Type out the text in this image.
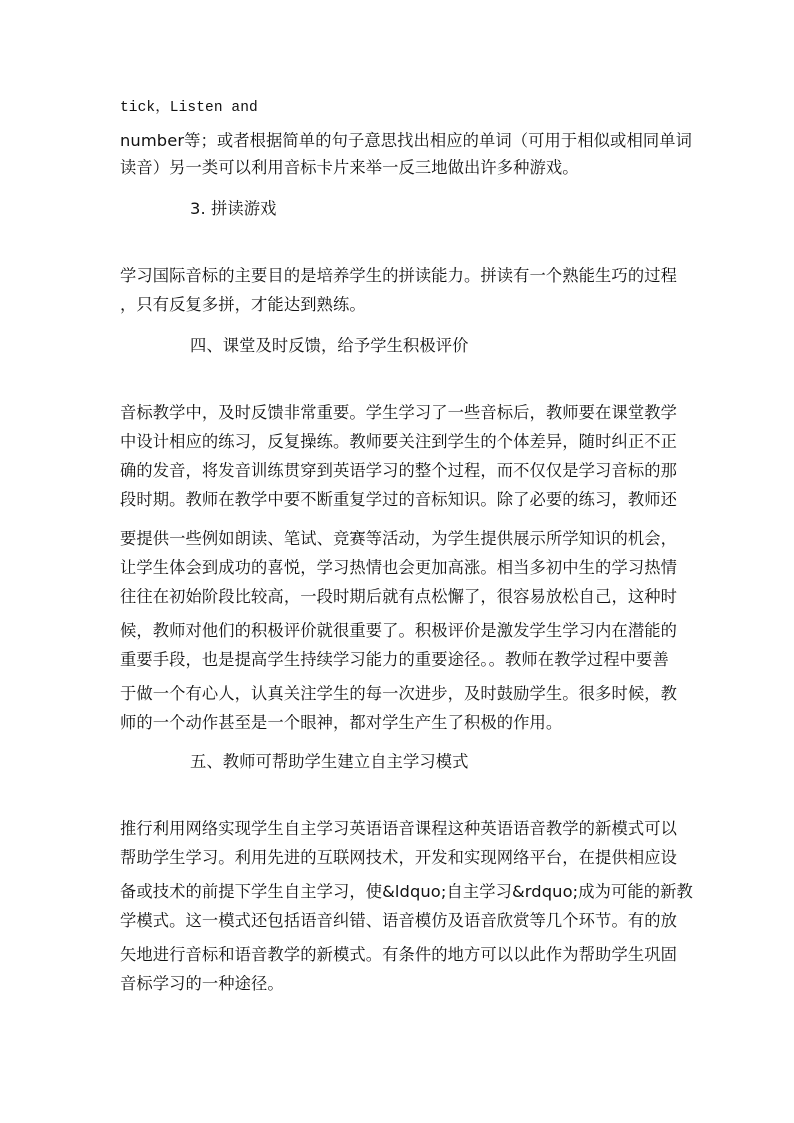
tick，Listen and
number等；或者根据简单的句子意思找出相应的单词（可用于相似或相同单词
读音）另一类可以利用音标卡片来举一反三地做出许多种游戏。
3. 拼读游戏
学习国际音标的主要目的是培养学生的拼读能力。拼读有一个熟能生巧的过程
，只有反复多拼，才能达到熟练。
四、课堂及时反馈，给予学生积极评价
音标教学中，及时反馈非常重要。学生学习了一些音标后，教师要在课堂教学
中设计相应的练习，反复操练。教师要关注到学生的个体差异，随时纠正不正
确的发音，将发音训练贯穿到英语学习的整个过程，而不仅仅是学习音标的那
段时期。教师在教学中要不断重复学过的音标知识。除了必要的练习，教师还
要提供一些例如朗读、笔试、竞赛等活动，为学生提供展示所学知识的机会，
让学生体会到成功的喜悦，学习热情也会更加高涨。相当多初中生的学习热情
往往在初始阶段比较高，一段时期后就有点松懈了，很容易放松自己，这种时
候，教师对他们的积极评价就很重要了。积极评价是激发学生学习内在潜能的
重要手段，也是提高学生持续学习能力的重要途径。。教师在教学过程中要善
于做一个有心人，认真关注学生的每一次进步，及时鼓励学生。很多时候，教
师的一个动作甚至是一个眼神，都对学生产生了积极的作用。
五、教师可帮助学生建立自主学习模式
推行利用网络实现学生自主学习英语语音课程这种英语语音教学的新模式可以
帮助学生学习。利用先进的互联网技术，开发和实现网络平台，在提供相应设
备或技术的前提下学生自主学习，使&ldquo;自主学习&rdquo;成为可能的新教
学模式。这一模式还包括语音纠错、语音模仿及语音欣赏等几个环节。有的放
矢地进行音标和语音教学的新模式。有条件的地方可以以此作为帮助学生巩固
音标学习的一种途径。
